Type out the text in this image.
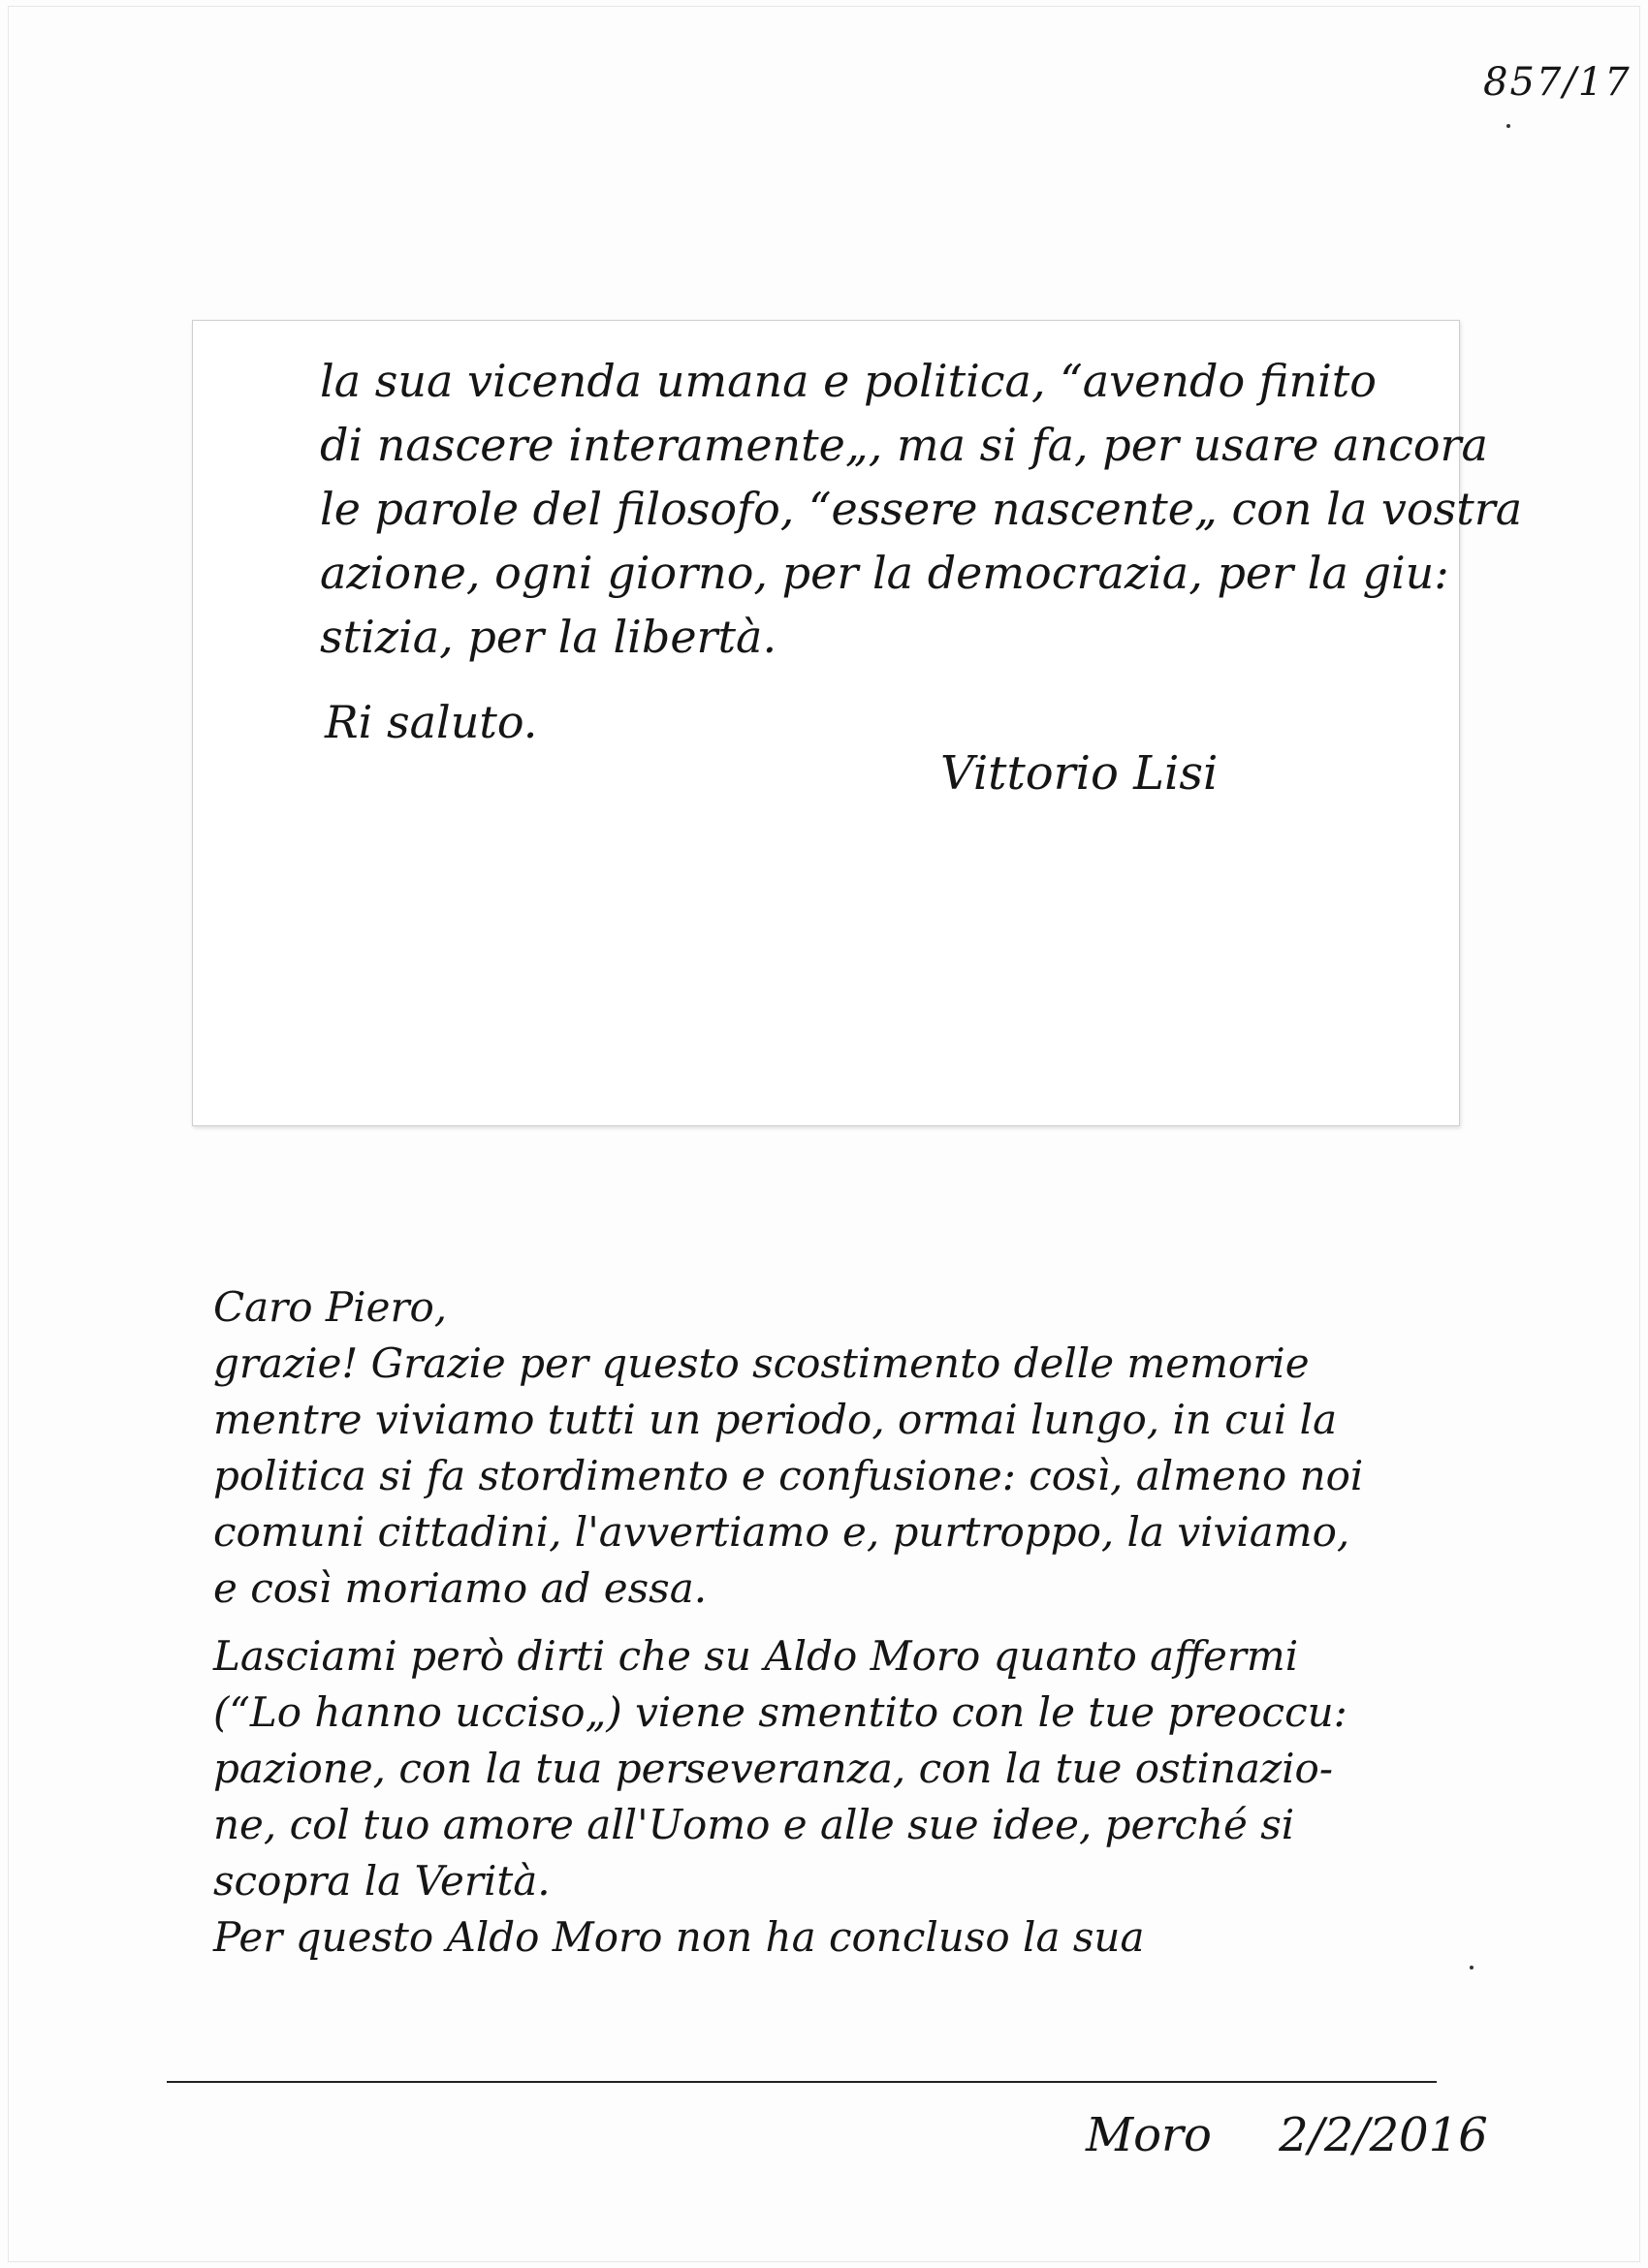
857/17
la sua vicenda umana e politica, “avendo finito
di nascere interamente„, ma si fa, per usare ancora
le parole del filosofo, “essere nascente„ con la vostra
azione, ogni giorno, per la democrazia, per la giu:
stizia, per la libertà.
Ri saluto.
Vittorio Lisi
Caro Piero,
grazie! Grazie per questo scostimento delle memorie
mentre viviamo tutti un periodo, ormai lungo, in cui la
politica si fa stordimento e confusione: così, almeno noi
comuni cittadini, l'avvertiamo e, purtroppo, la viviamo,
e così moriamo ad essa.
Lasciami però dirti che su Aldo Moro quanto affermi
(“Lo hanno ucciso„) viene smentito con le tue preoccu:
pazione, con la tua perseveranza, con la tue ostinazio-
ne, col tuo amore all'Uomo e alle sue idee, perché si
scopra la Verità.
Per questo Aldo Moro non ha concluso la sua
Moro 2/2/2016
